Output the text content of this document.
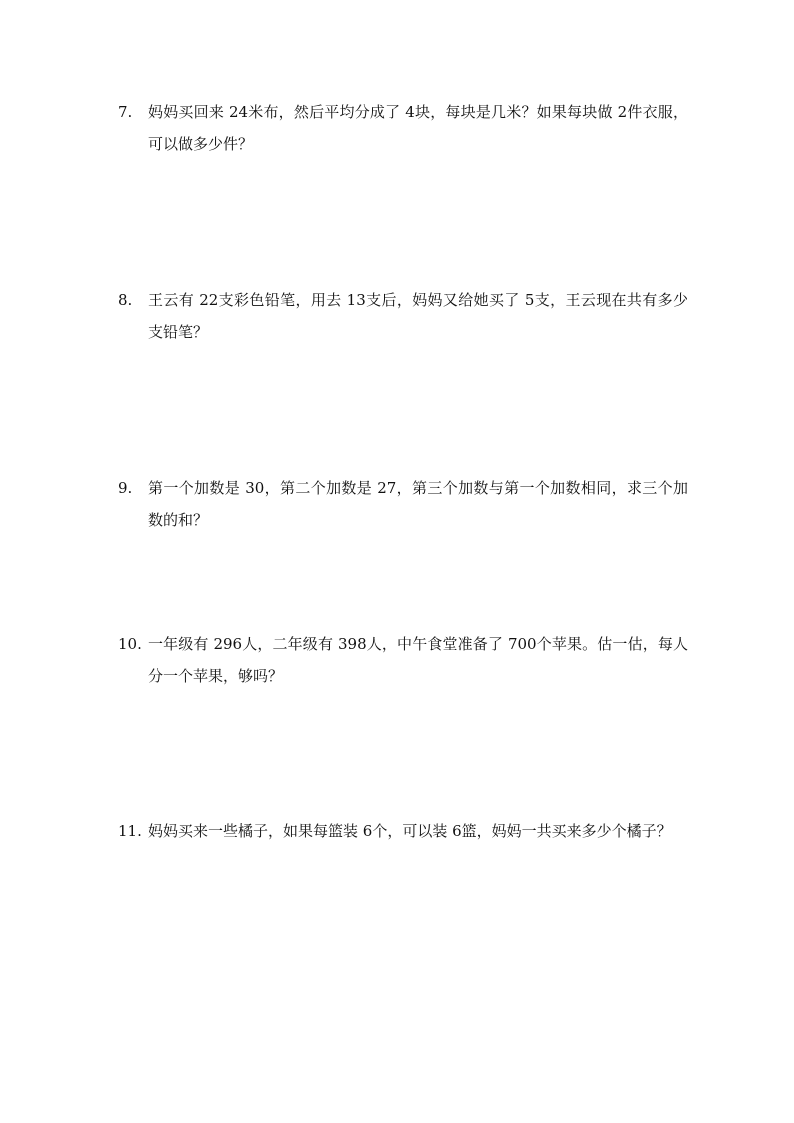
7.	妈妈买回来 24米布，然后平均分成了 4块，每块是几米？如果每块做 2件衣服，可以做多少件？
8.	王云有 22支彩色铅笔，用去 13支后，妈妈又给她买了 5支，王云现在共有多少支铅笔？
9.	第一个加数是 30，第二个加数是 27，第三个加数与第一个加数相同，求三个加数的和？
10. 一年级有 296人，二年级有 398人，中午食堂准备了 700个苹果。估一估，每人分一个苹果，够吗？
11. 妈妈买来一些橘子，如果每篮装 6个，可以装 6篮，妈妈一共买来多少个橘子？
